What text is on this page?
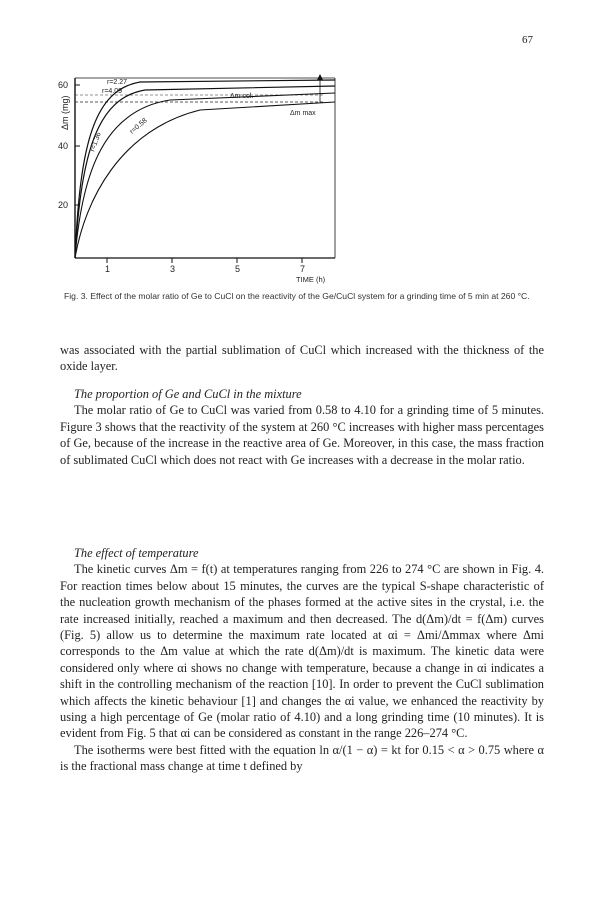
67
60
40
20
Δm (mg)
1	3	5	7
r=2.27
r=4.09
r=1.36
r=0.58
Δm col.
Δm max
TIME (h)
Fig. 3. Effect of the molar ratio of Ge to CuCl on the reactivity of the Ge/CuCl system for a grinding time of 5 min at 260 °C.

was associated with the partial sublimation of CuCl which increased with the thickness of the oxide layer.

The proportion of Ge and CuCl in the mixture

The molar ratio of Ge to CuCl was varied from 0.58 to 4.10 for a grinding time of 5 minutes. Figure 3 shows that the reactivity of the system at 260 °C increases with higher mass percentages of Ge, because of the increase in the reactive area of Ge. Moreover, in this case, the mass fraction of sublimated CuCl which does not react with Ge increases with a decrease in the molar ratio.

The effect of temperature

The kinetic curves Δm = f(t) at temperatures ranging from 226 to 274 °C are shown in Fig. 4. For reaction times below about 15 minutes, the curves are the typical S-shape characteristic of the nucleation growth mechanism of the phases formed at the active sites in the crystal, i.e. the rate increased initially, reached a maximum and then decreased. The d(Δm)/dt = f(Δm) curves (Fig. 5) allow us to determine the maximum rate located at αi = Δmi/Δmmax where Δmi corresponds to the Δm value at which the rate d(Δm)/dt is maximum. The kinetic data were considered only where αi shows no change with temperature, because a change in αi indicates a shift in the controlling mechanism of the reaction [10]. In order to prevent the CuCl sublimation which affects the kinetic behaviour [1] and changes the αi value, we enhanced the reactivity by using a high percentage of Ge (molar ratio of 4.10) and a long grinding time (10 minutes). It is evident from Fig. 5 that αi can be considered as constant in the range 226–274 °C.

The isotherms were best fitted with the equation ln α/(1 − α) = kt for 0.15 < α > 0.75 where α is the fractional mass change at time t defined by
